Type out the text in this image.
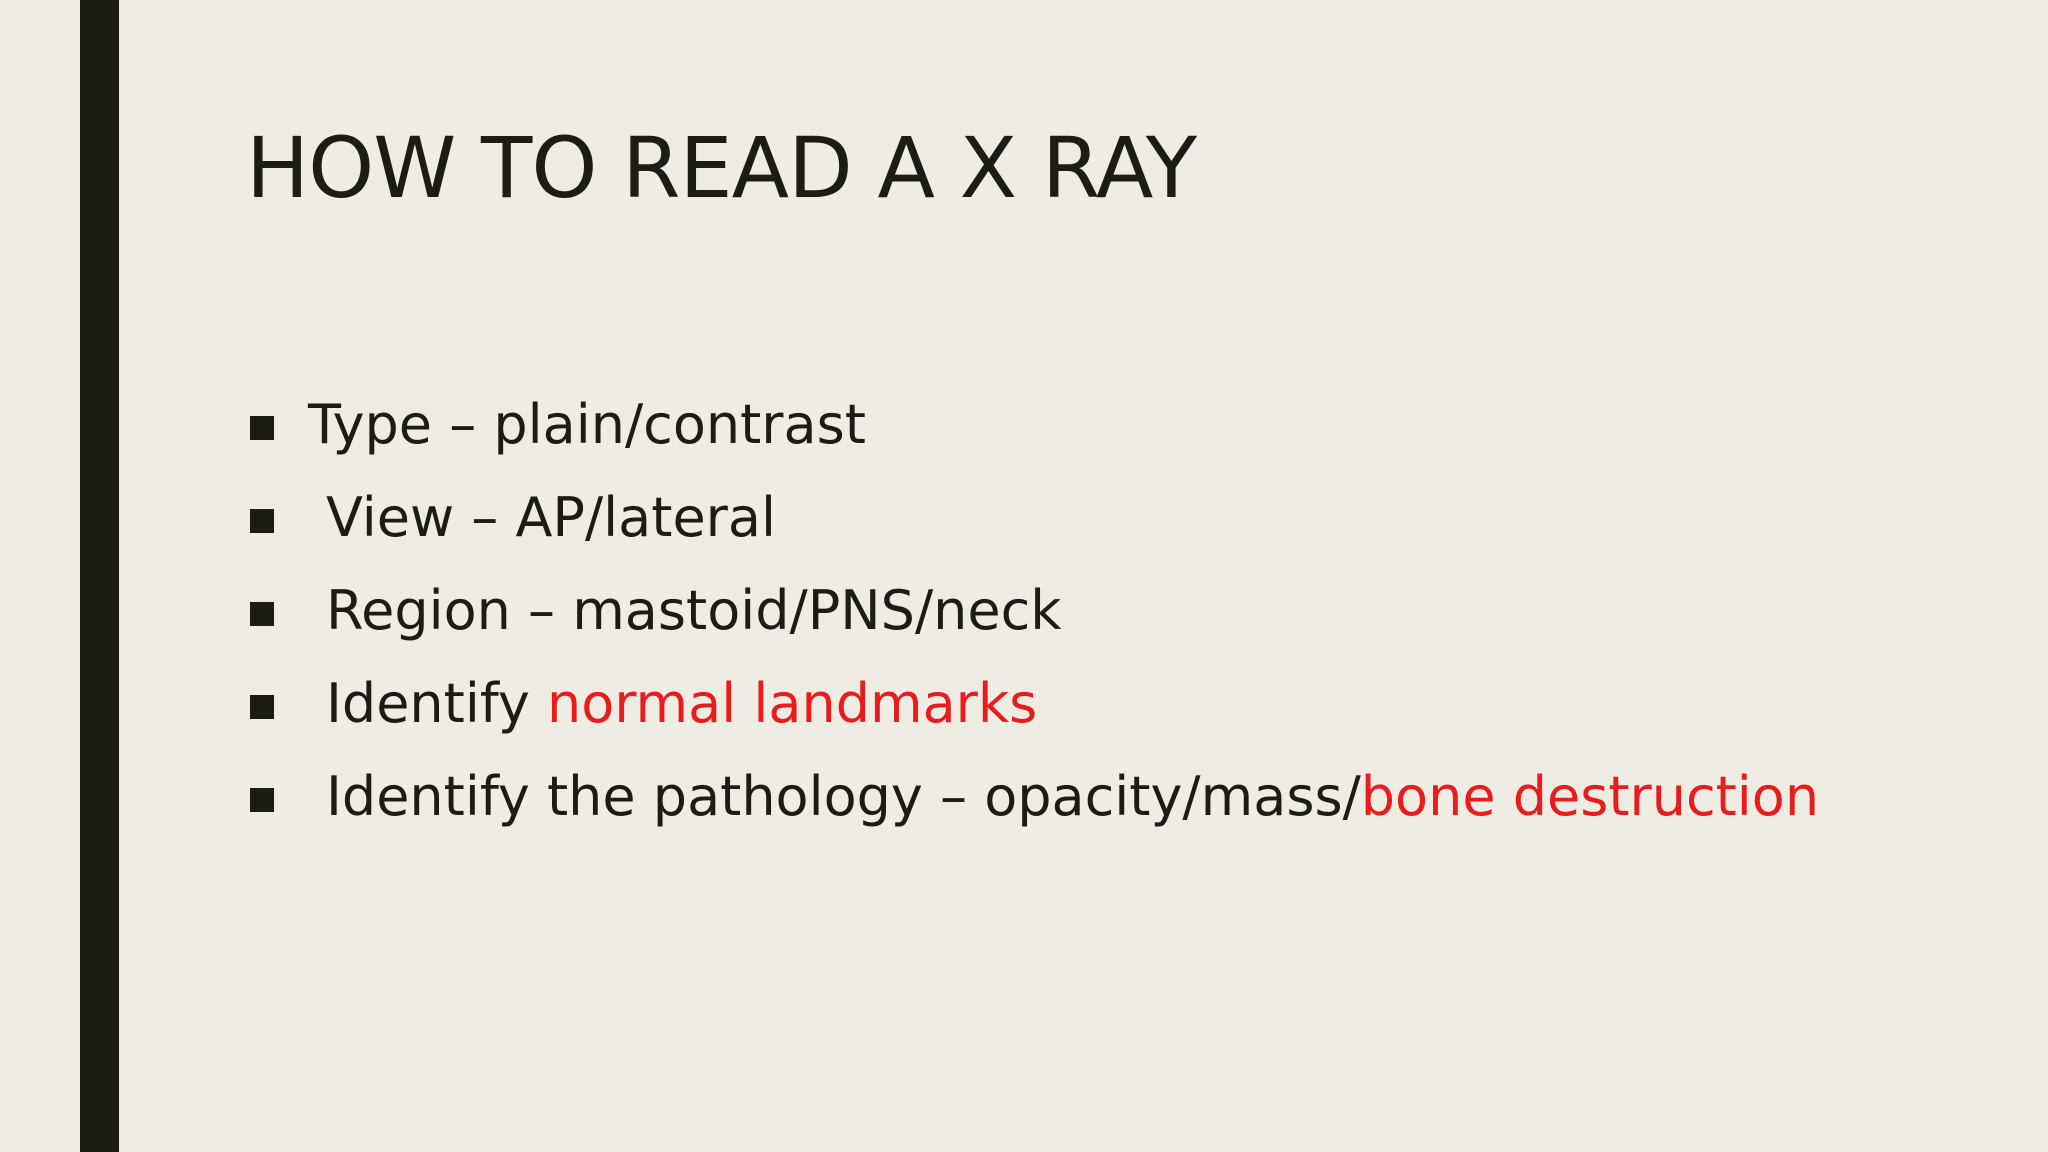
HOW TO READ A X RAY
Type – plain/contrast
View – AP/lateral
Region – mastoid/PNS/neck
Identify normal landmarks
Identify the pathology – opacity/mass/bone destruction
